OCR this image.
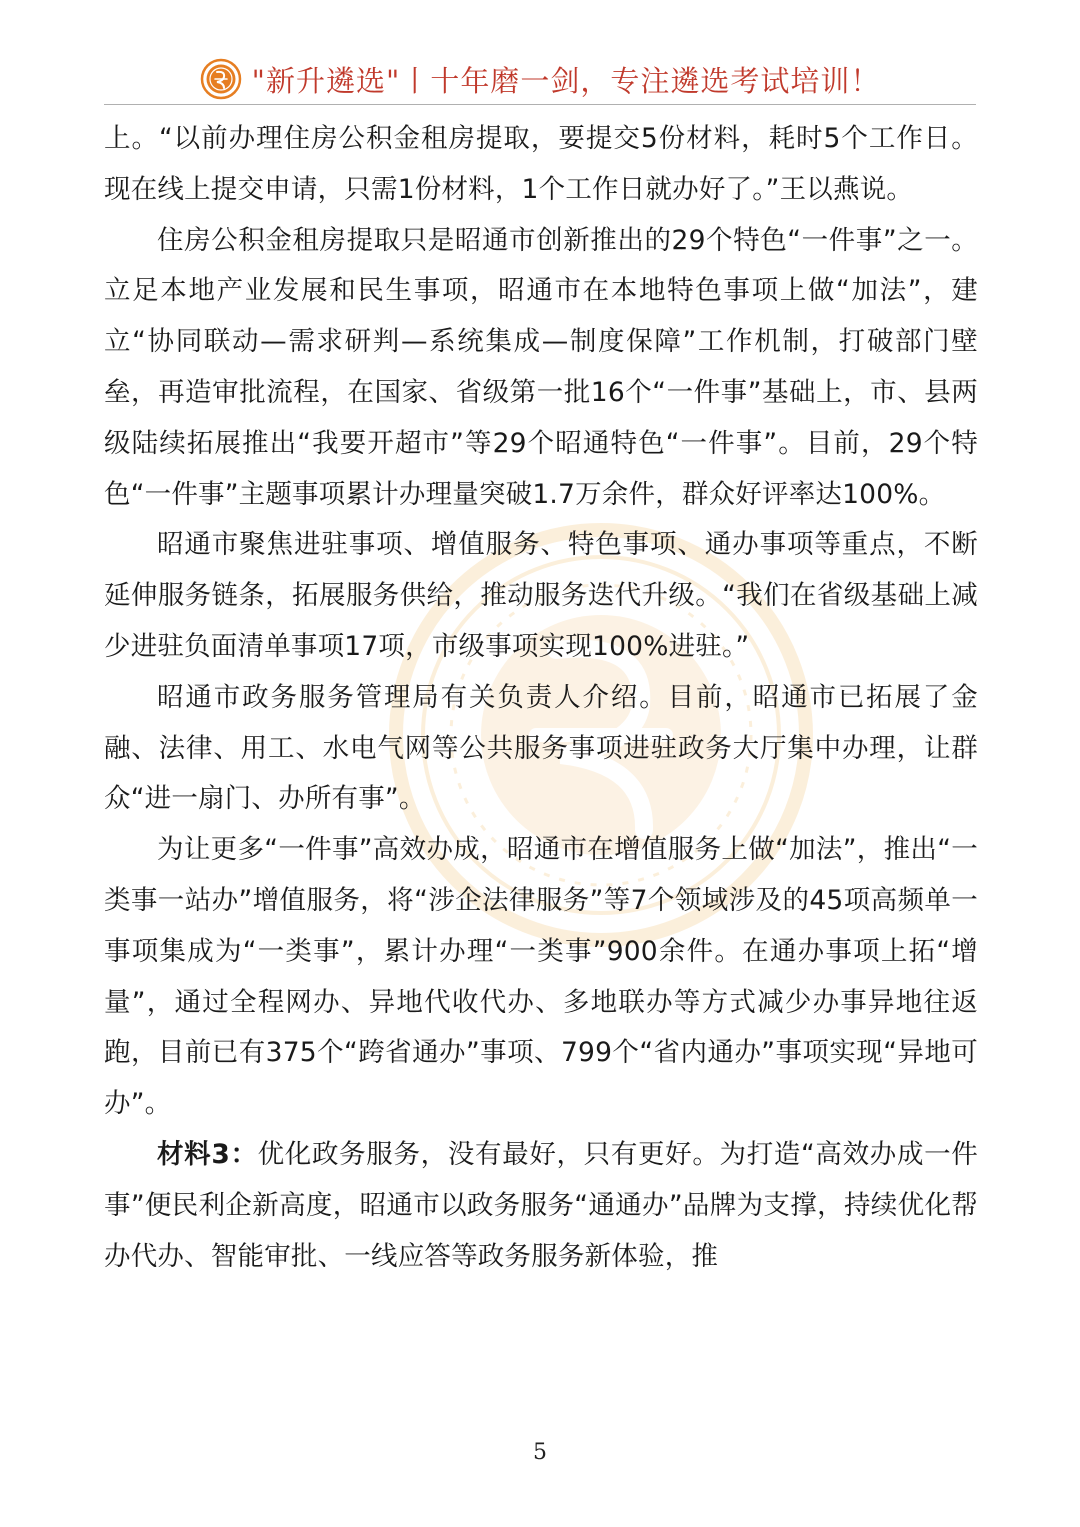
"新升遴选"丨十年磨一剑，专注遴选考试培训！

上。“以前办理住房公积金租房提取，要提交5份材料，耗时5个工作日。现在线上提交申请，只需1份材料，1个工作日就办好了。”王以燕说。

住房公积金租房提取只是昭通市创新推出的29个特色“一件事”之一。立足本地产业发展和民生事项，昭通市在本地特色事项上做“加法”，建立“协同联动—需求研判—系统集成—制度保障”工作机制，打破部门壁垒，再造审批流程，在国家、省级第一批16个“一件事”基础上，市、县两级陆续拓展推出“我要开超市”等29个昭通特色“一件事”。目前，29个特色“一件事”主题事项累计办理量突破1.7万余件，群众好评率达100%。

昭通市聚焦进驻事项、增值服务、特色事项、通办事项等重点，不断延伸服务链条，拓展服务供给，推动服务迭代升级。“我们在省级基础上减少进驻负面清单事项17项，市级事项实现100%进驻。”

昭通市政务服务管理局有关负责人介绍。目前，昭通市已拓展了金融、法律、用工、水电气网等公共服务事项进驻政务大厅集中办理，让群众“进一扇门、办所有事”。

为让更多“一件事”高效办成，昭通市在增值服务上做“加法”，推出“一类事一站办”增值服务，将“涉企法律服务”等7个领域涉及的45项高频单一事项集成为“一类事”，累计办理“一类事”900余件。在通办事项上拓“增量”，通过全程网办、异地代收代办、多地联办等方式减少办事异地往返跑，目前已有375个“跨省通办”事项、799个“省内通办”事项实现“异地可办”。

材料3：优化政务服务，没有最好，只有更好。为打造“高效办成一件事”便民利企新高度，昭通市以政务服务“通通办”品牌为支撑，持续优化帮办代办、智能审批、一线应答等政务服务新体验，推

5
